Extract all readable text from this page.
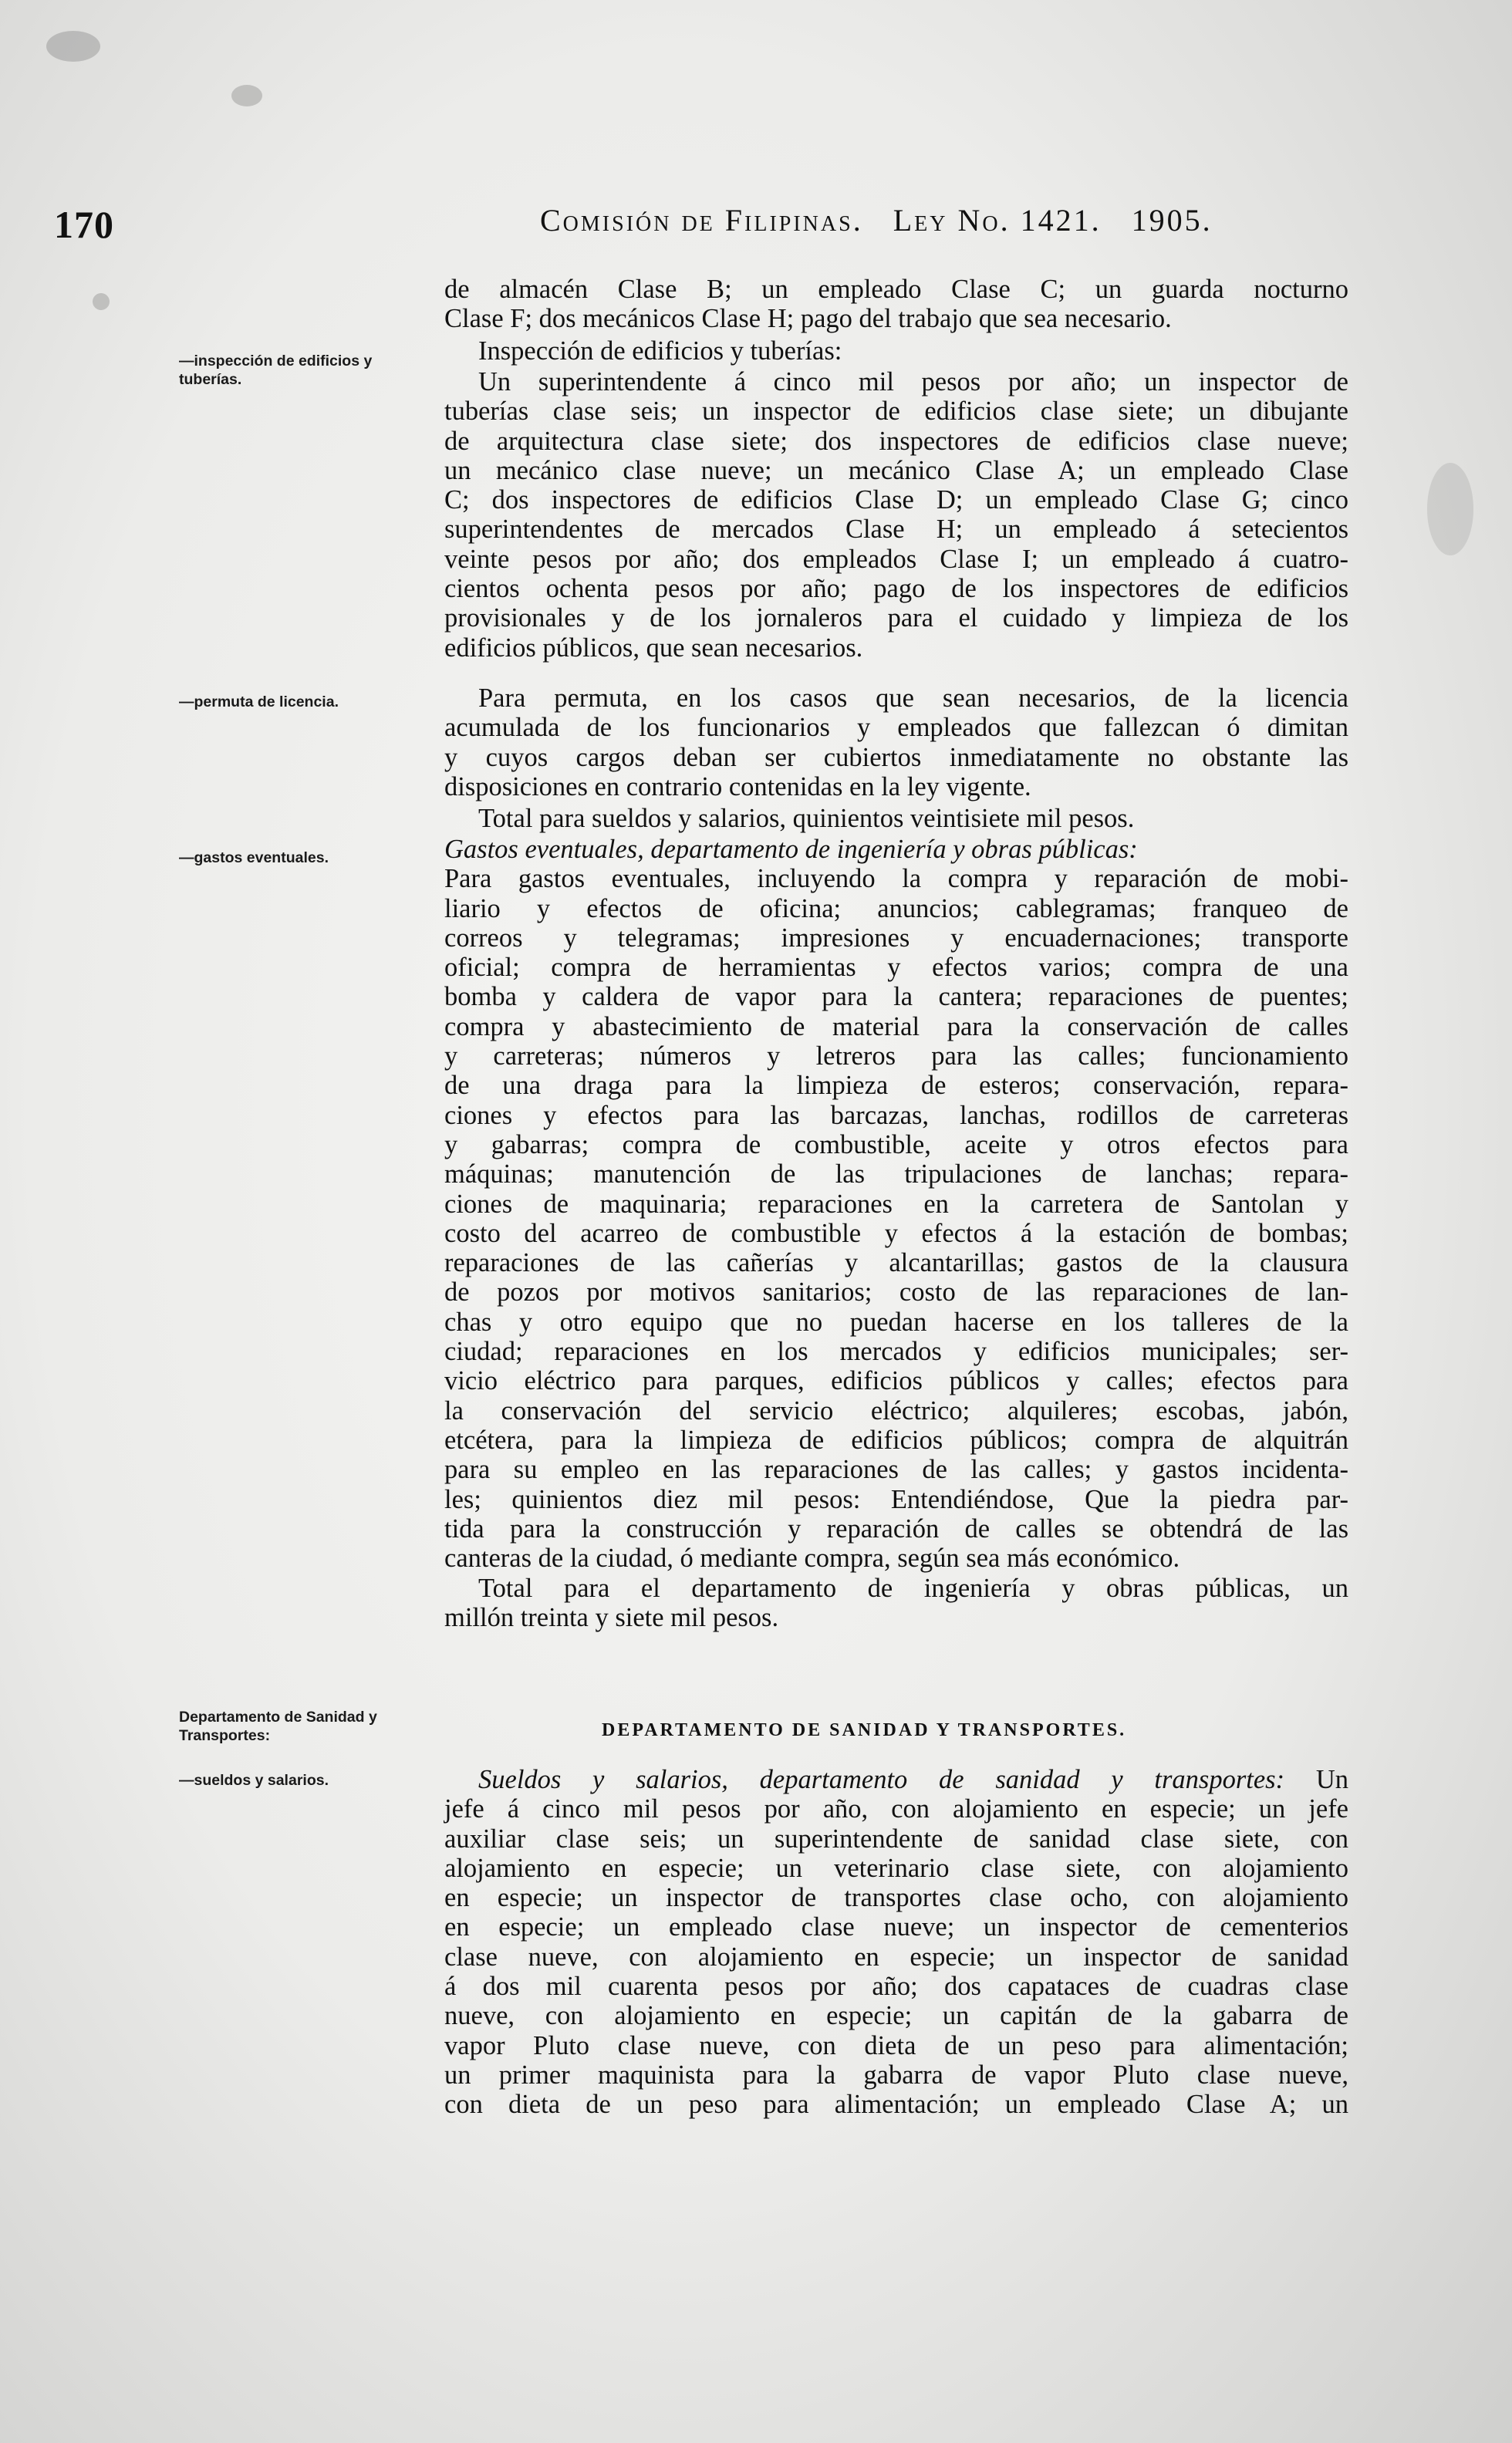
170	Comisión de Filipinas. Ley No. 1421. 1905.

—inspección de edificios y tuberías.

—permuta de licencia.

—gastos eventuales.

Departamento de Sanidad y Transportes:

—sueldos y salarios.

de almacén Clase B; un empleado Clase C; un guarda nocturno
Clase F; dos mecánicos Clase H; pago del trabajo que sea necesario.
Inspección de edificios y tuberías:
Un superintendente á cinco mil pesos por año; un inspector de
tuberías clase seis; un inspector de edificios clase siete; un dibujante
de arquitectura clase siete; dos inspectores de edificios clase nueve;
un mecánico clase nueve; un mecánico Clase A; un empleado Clase
C; dos inspectores de edificios Clase D; un empleado Clase G; cinco
superintendentes de mercados Clase H; un empleado á setecientos
veinte pesos por año; dos empleados Clase I; un empleado á cuatro-
cientos ochenta pesos por año; pago de los inspectores de edificios
provisionales y de los jornaleros para el cuidado y limpieza de los
edificios públicos, que sean necesarios.
Para permuta, en los casos que sean necesarios, de la licencia
acumulada de los funcionarios y empleados que fallezcan ó dimitan
y cuyos cargos deban ser cubiertos inmediatamente no obstante las
disposiciones en contrario contenidas en la ley vigente.
Total para sueldos y salarios, quinientos veintisiete mil pesos.
Gastos eventuales, departamento de ingeniería y obras públicas:
Para gastos eventuales, incluyendo la compra y reparación de mobi-
liario y efectos de oficina; anuncios; cablegramas; franqueo de
correos y telegramas; impresiones y encuadernaciones; transporte
oficial; compra de herramientas y efectos varios; compra de una
bomba y caldera de vapor para la cantera; reparaciones de puentes;
compra y abastecimiento de material para la conservación de calles
y carreteras; números y letreros para las calles; funcionamiento
de una draga para la limpieza de esteros; conservación, repara-
ciones y efectos para las barcazas, lanchas, rodillos de carreteras
y gabarras; compra de combustible, aceite y otros efectos para
máquinas; manutención de las tripulaciones de lanchas; repara-
ciones de maquinaria; reparaciones en la carretera de Santolan y
costo del acarreo de combustible y efectos á la estación de bombas;
reparaciones de las cañerías y alcantarillas; gastos de la clausura
de pozos por motivos sanitarios; costo de las reparaciones de lan-
chas y otro equipo que no puedan hacerse en los talleres de la
ciudad; reparaciones en los mercados y edificios municipales; ser-
vicio eléctrico para parques, edificios públicos y calles; efectos para
la conservación del servicio eléctrico; alquileres; escobas, jabón,
etcétera, para la limpieza de edificios públicos; compra de alquitrán
para su empleo en las reparaciones de las calles; y gastos incidenta-
les; quinientos diez mil pesos: Entendiéndose, Que la piedra par-
tida para la construcción y reparación de calles se obtendrá de las
canteras de la ciudad, ó mediante compra, según sea más económico.
Total para el departamento de ingeniería y obras públicas, un
millón treinta y siete mil pesos.

DEPARTAMENTO DE SANIDAD Y TRANSPORTES.

Sueldos y salarios, departamento de sanidad y transportes: Un
jefe á cinco mil pesos por año, con alojamiento en especie; un jefe
auxiliar clase seis; un superintendente de sanidad clase siete, con
alojamiento en especie; un veterinario clase siete, con alojamiento
en especie; un inspector de transportes clase ocho, con alojamiento
en especie; un empleado clase nueve; un inspector de cementerios
clase nueve, con alojamiento en especie; un inspector de sanidad
á dos mil cuarenta pesos por año; dos capataces de cuadras clase
nueve, con alojamiento en especie; un capitán de la gabarra de
vapor Pluto clase nueve, con dieta de un peso para alimentación;
un primer maquinista para la gabarra de vapor Pluto clase nueve,
con dieta de un peso para alimentación; un empleado Clase A; un
